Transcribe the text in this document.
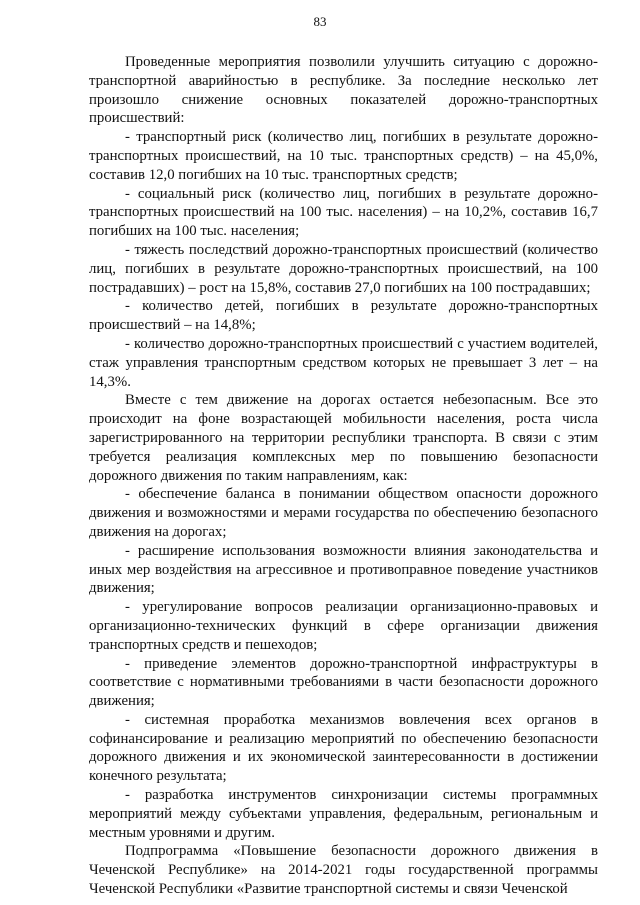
83

Проведенные мероприятия позволили улучшить ситуацию с дорожно-транспортной аварийностью в республике. За последние несколько лет произошло снижение основных показателей дорожно-транспортных происшествий:

- транспортный риск (количество лиц, погибших в результате дорожно-транспортных происшествий, на 10 тыс. транспортных средств) – на 45,0%, составив 12,0 погибших на 10 тыс. транспортных средств;

- социальный риск (количество лиц, погибших в результате дорожно-транспортных происшествий на 100 тыс. населения) – на 10,2%, составив 16,7 погибших на 100 тыс. населения;

- тяжесть последствий дорожно-транспортных происшествий (количество лиц, погибших в результате дорожно-транспортных происшествий, на 100 пострадавших) – рост на 15,8%, составив 27,0 погибших на 100 пострадавших;

- количество детей, погибших в результате дорожно-транспортных происшествий – на 14,8%;

- количество дорожно-транспортных происшествий с участием водителей, стаж управления транспортным средством которых не превышает 3 лет – на 14,3%.

Вместе с тем движение на дорогах остается небезопасным. Все это происходит на фоне возрастающей мобильности населения, роста числа зарегистрированного на территории республики транспорта. В связи с этим требуется реализация комплексных мер по повышению безопасности дорожного движения по таким направлениям, как:

- обеспечение баланса в понимании обществом опасности дорожного движения и возможностями и мерами государства по обеспечению безопасного движения на дорогах;

- расширение использования возможности влияния законодательства и иных мер воздействия на агрессивное и противоправное поведение участников движения;

- урегулирование вопросов реализации организационно-правовых и организационно-технических функций в сфере организации движения транспортных средств и пешеходов;

- приведение элементов дорожно-транспортной инфраструктуры в соответствие с нормативными требованиями в части безопасности дорожного движения;

- системная проработка механизмов вовлечения всех органов в софинансирование и реализацию мероприятий по обеспечению безопасности дорожного движения и их экономической заинтересованности в достижении конечного результата;

- разработка инструментов синхронизации системы программных мероприятий между субъектами управления, федеральным, региональным и местным уровнями и другим.

Подпрограмма «Повышение безопасности дорожного движения в Чеченской Республике» на 2014-2021 годы государственной программы Чеченской Республики «Развитие транспортной системы и связи Чеченской
